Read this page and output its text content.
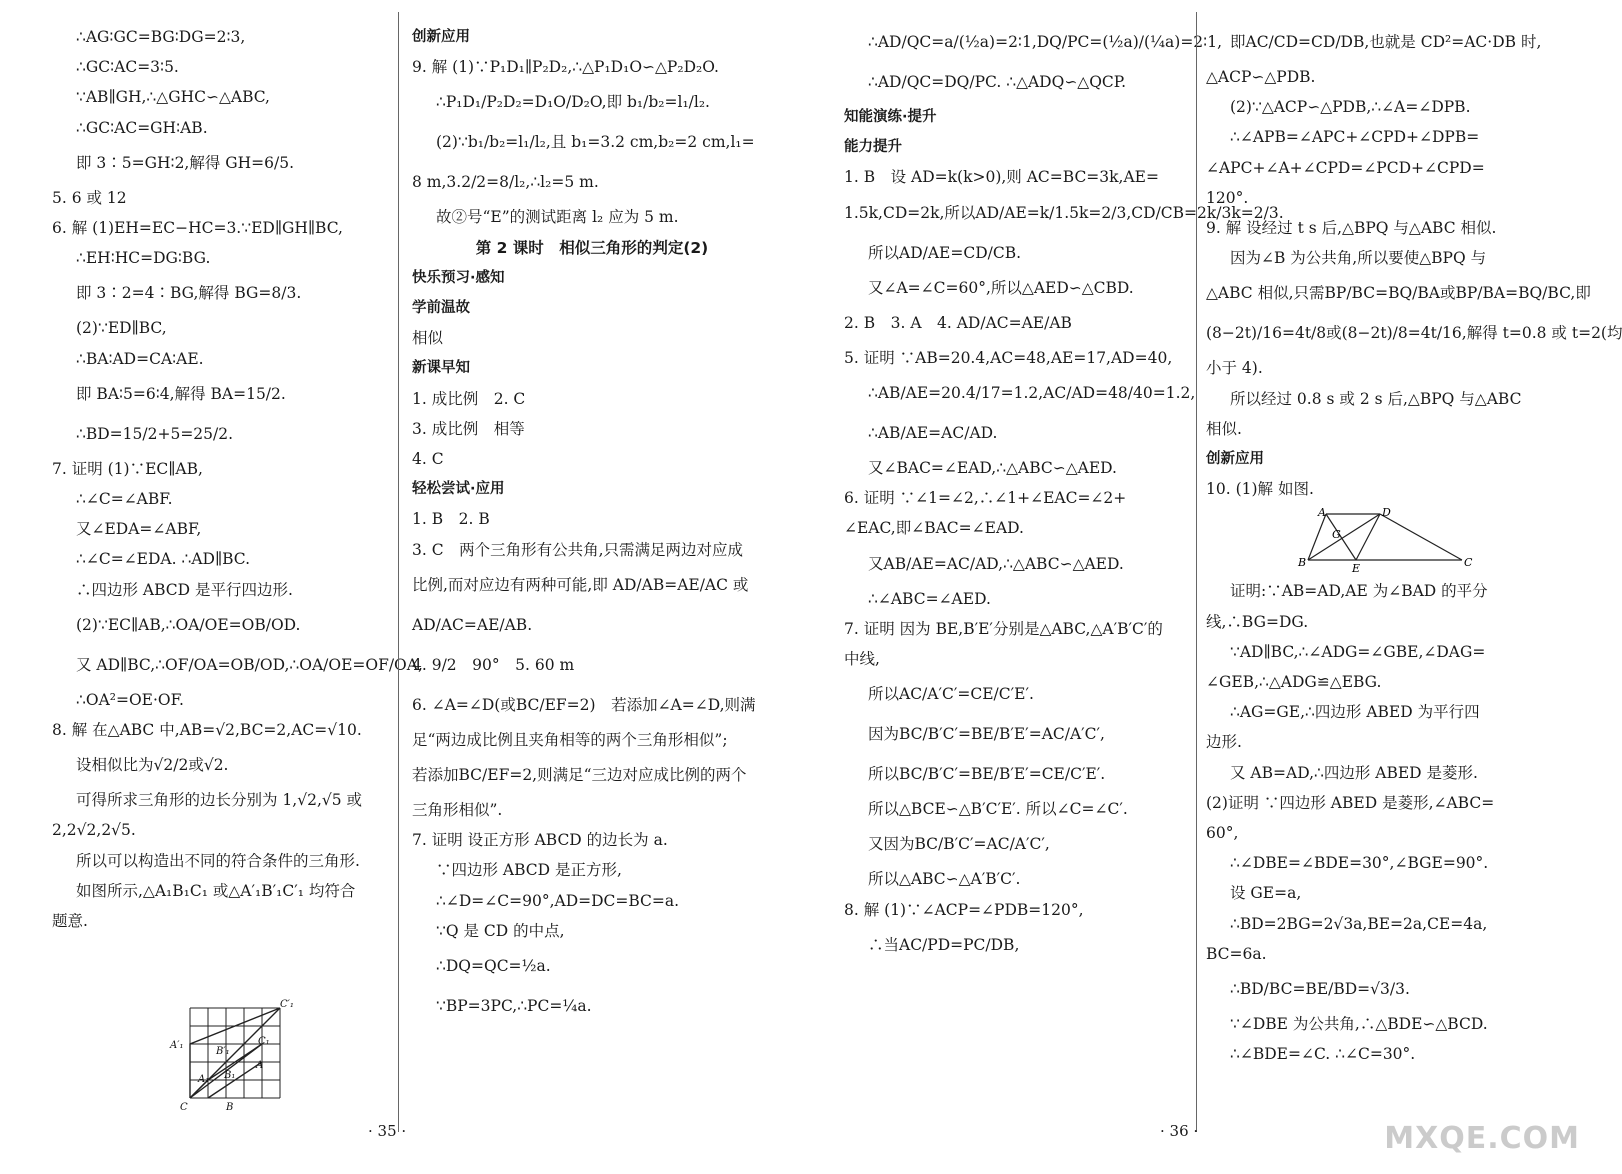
∴AG∶GC=BG∶DG=2∶3,
∴GC∶AC=3∶5.
∵AB∥GH,∴△GHC∽△ABC,
∴GC∶AC=GH∶AB.
即 3∶5=GH∶2,解得 GH=6/5.
5. 6 或 12
6. 解 (1)EH=EC−HC=3.∵ED∥GH∥BC,
∴EH∶HC=DG∶BG.
即 3∶2=4∶BG,解得 BG=8/3.
(2)∵ED∥BC,
∴BA∶AD=CA∶AE.
即 BA∶5=6∶4,解得 BA=15/2.
∴BD=15/2+5=25/2.
7. 证明 (1)∵EC∥AB,
∴∠C=∠ABF.
又∠EDA=∠ABF,
∴∠C=∠EDA. ∴AD∥BC.
∴四边形 ABCD 是平行四边形.
(2)∵EC∥AB,∴OA/OE=OB/OD.
又 AD∥BC,∴OF/OA=OB/OD,∴OA/OE=OF/OA,
∴OA²=OE·OF.
8. 解 在△ABC 中,AB=√2,BC=2,AC=√10.
设相似比为√2/2或√2.
可得所求三角形的边长分别为 1,√2,√5 或
2,2√2,2√5.
所以可以构造出不同的符合条件的三角形.
如图所示,△A₁B₁C₁ 或△A′₁B′₁C′₁ 均符合
题意.
创新应用
9. 解 (1)∵P₁D₁∥P₂D₂,∴△P₁D₁O∽△P₂D₂O.
∴P₁D₁/P₂D₂=D₁O/D₂O,即 b₁/b₂=l₁/l₂.
(2)∵b₁/b₂=l₁/l₂,且 b₁=3.2 cm,b₂=2 cm,l₁=
8 m,3.2/2=8/l₂,∴l₂=5 m.
故②号“E”的测试距离 l₂ 应为 5 m.
第 2 课时　相似三角形的判定(2)
快乐预习·感知
学前温故
相似
新课早知
1. 成比例　2. C
3. 成比例　相等
4. C
轻松尝试·应用
1. B　2. B
3. C　两个三角形有公共角,只需满足两边对应成
比例,而对应边有两种可能,即 AD/AB=AE/AC 或
AD/AC=AE/AB.
4. 9/2　90°　5. 60 m
6. ∠A=∠D(或BC/EF=2)　若添加∠A=∠D,则满
足“两边成比例且夹角相等的两个三角形相似”;
若添加BC/EF=2,则满足“三边对应成比例的两个
三角形相似”.
7. 证明 设正方形 ABCD 的边长为 a.
∵四边形 ABCD 是正方形,
∴∠D=∠C=90°,AD=DC=BC=a.
∵Q 是 CD 的中点,
∴DQ=QC=½a.
∵BP=3PC,∴PC=¼a.
C′₁
A′₁
B′₁
C₁
A₁ B₁
A
C	B
· 35 ·
∴AD/QC=a/(½a)=2∶1,DQ/PC=(½a)/(¼a)=2∶1,
∴AD/QC=DQ/PC. ∴△ADQ∽△QCP.
知能演练·提升
能力提升
1. B　设 AD=k(k>0),则 AC=BC=3k,AE=
1.5k,CD=2k,所以AD/AE=k/1.5k=2/3,CD/CB=2k/3k=2/3.
所以AD/AE=CD/CB.
又∠A=∠C=60°,所以△AED∽△CBD.
2. B　3. A　4. AD/AC=AE/AB
5. 证明 ∵AB=20.4,AC=48,AE=17,AD=40,
∴AB/AE=20.4/17=1.2,AC/AD=48/40=1.2,
∴AB/AE=AC/AD.
又∠BAC=∠EAD,∴△ABC∽△AED.
6. 证明 ∵∠1=∠2,∴∠1+∠EAC=∠2+
∠EAC,即∠BAC=∠EAD.
又AB/AE=AC/AD,∴△ABC∽△AED.
∴∠ABC=∠AED.
7. 证明 因为 BE,B′E′分别是△ABC,△A′B′C′的
中线,
所以AC/A′C′=CE/C′E′.
因为BC/B′C′=BE/B′E′=AC/A′C′,
所以BC/B′C′=BE/B′E′=CE/C′E′.
所以△BCE∽△B′C′E′. 所以∠C=∠C′.
又因为BC/B′C′=AC/A′C′,
所以△ABC∽△A′B′C′.
8. 解 (1)∵∠ACP=∠PDB=120°,
∴当AC/PD=PC/DB,
即AC/CD=CD/DB,也就是 CD²=AC·DB 时,
△ACP∽△PDB.
(2)∵△ACP∽△PDB,∴∠A=∠DPB.
∴∠APB=∠APC+∠CPD+∠DPB=
∠APC+∠A+∠CPD=∠PCD+∠CPD=
120°.
9. 解 设经过 t s 后,△BPQ 与△ABC 相似.
因为∠B 为公共角,所以要使△BPQ 与
△ABC 相似,只需BP/BC=BQ/BA或BP/BA=BQ/BC,即
(8−2t)/16=4t/8或(8−2t)/8=4t/16,解得 t=0.8 或 t=2(均
小于 4).
所以经过 0.8 s 或 2 s 后,△BPQ 与△ABC
相似.
创新应用
10. (1)解 如图.
A	D
B	C
E
G
证明:∵AB=AD,AE 为∠BAD 的平分
线,∴BG=DG.
∵AD∥BC,∴∠ADG=∠GBE,∠DAG=
∠GEB,∴△ADG≌△EBG.
∴AG=GE,∴四边形 ABED 为平行四
边形.
又 AB=AD,∴四边形 ABED 是菱形.
(2)证明 ∵四边形 ABED 是菱形,∠ABC=
60°,
∴∠DBE=∠BDE=30°,∠BGE=90°.
设 GE=a,
∴BD=2BG=2√3a,BE=2a,CE=4a,
BC=6a.
∴BD/BC=BE/BD=√3/3.
∵∠DBE 为公共角,∴△BDE∽△BCD.
∴∠BDE=∠C. ∴∠C=30°.
· 36 ·	MXQE.COM
